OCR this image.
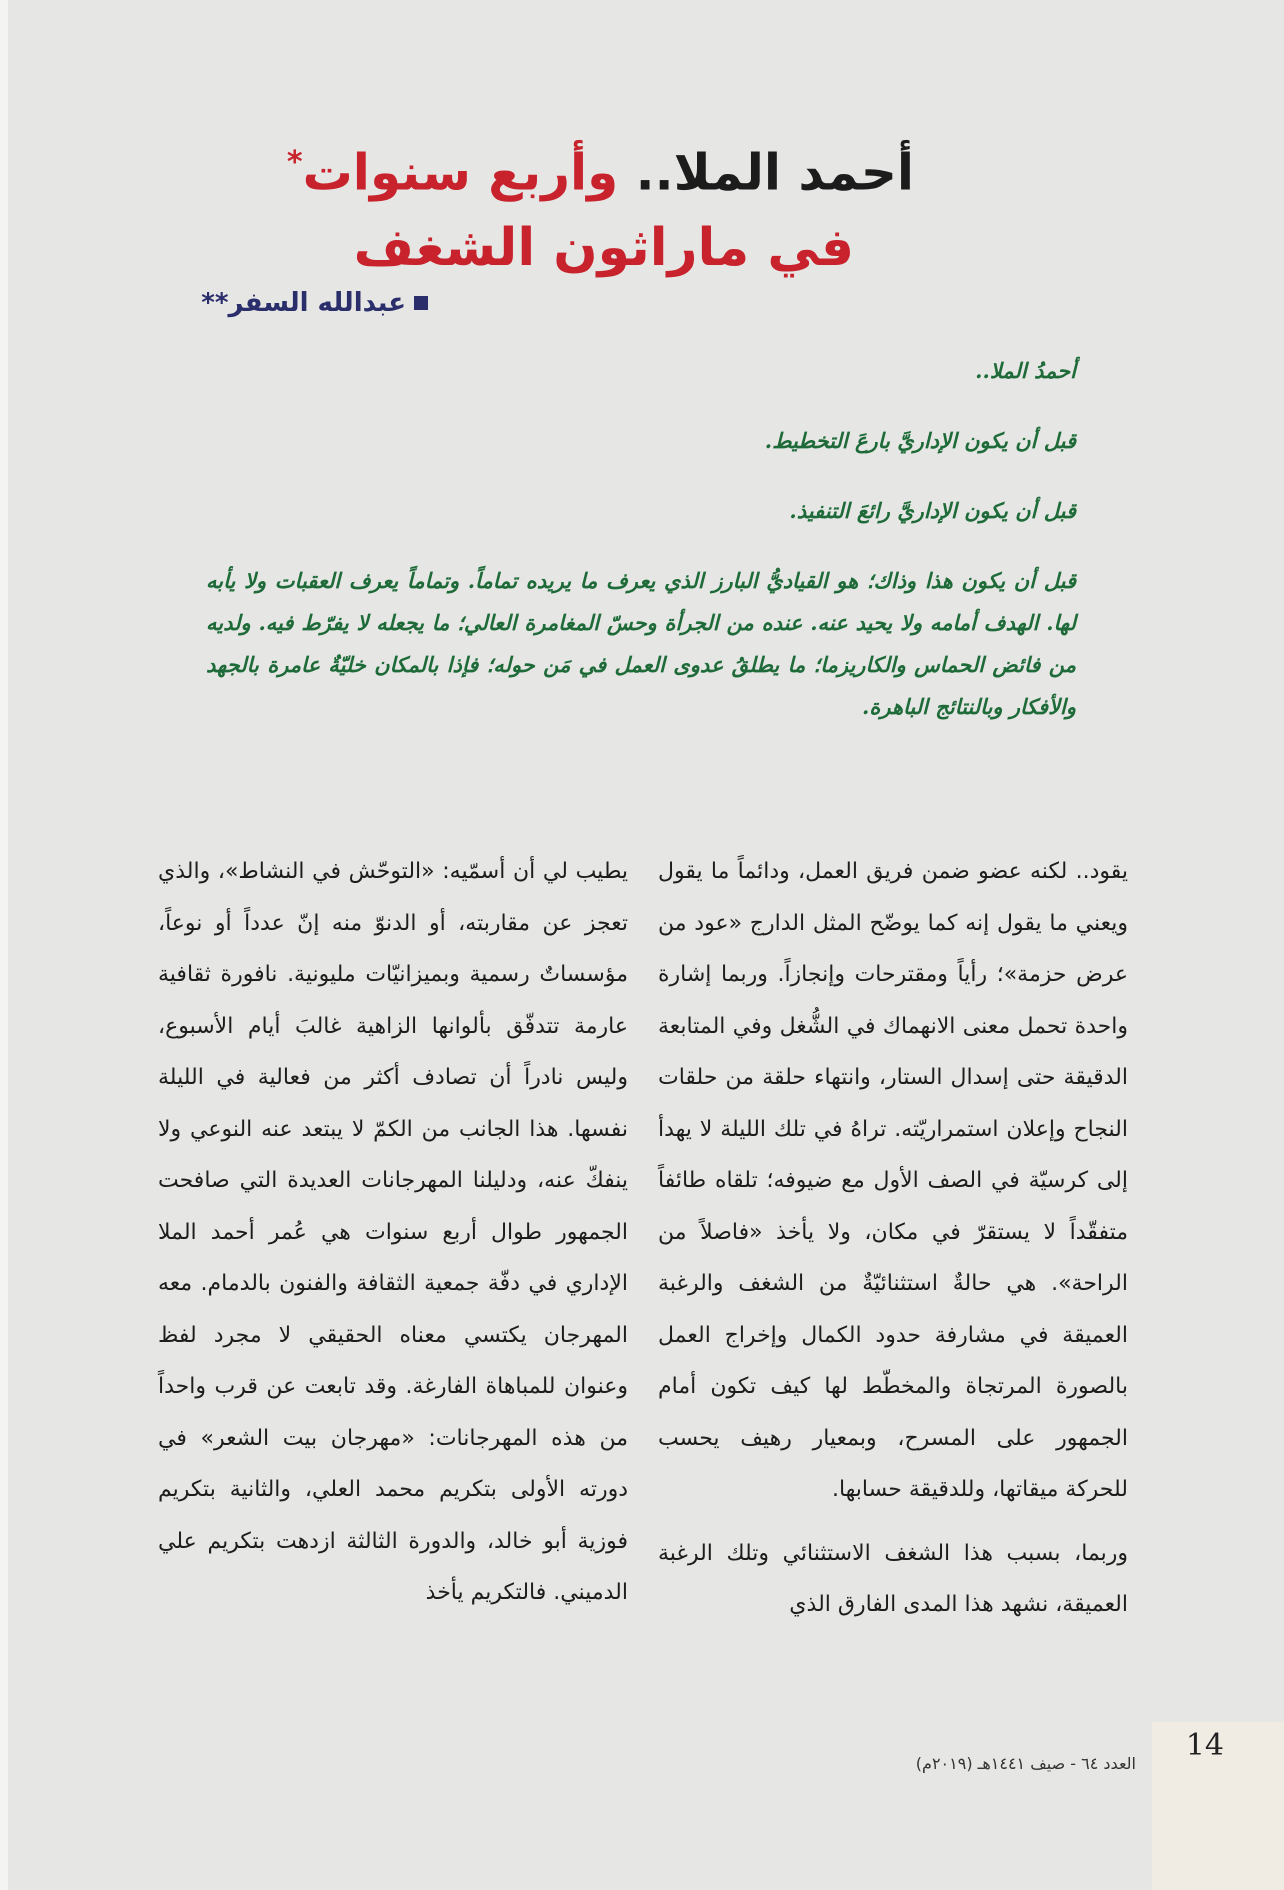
أحمد الملا.. وأربع سنوات*
في ماراثون الشغف
عبدالله السفر**

أحمدُ الملا..

قبل أن يكون الإداريَّ بارعَ التخطيط.

قبل أن يكون الإداريَّ رائعَ التنفيذ.

قبل أن يكون هذا وذاك؛ هو القياديُّ البارز الذي يعرف ما يريده تماماً. وتماماً يعرف العقبات ولا يأبه لها. الهدف أمامه ولا يحيد عنه. عنده من الجرأة وحسّ المغامرة العالي؛ ما يجعله لا يفرّط فيه. ولديه من فائض الحماس والكاريزما؛ ما يطلقُ عدوى العمل في مَن حوله؛ فإذا بالمكان خليّةٌ عامرة بالجهد والأفكار وبالنتائج الباهرة.

يقود.. لكنه عضو ضمن فريق العمل، ودائماً ما يقول ويعني ما يقول إنه كما يوضّح المثل الدارج «عود من عرض حزمة»؛ رأياً ومقترحات وإنجازاً. وربما إشارة واحدة تحمل معنى الانهماك في الشُّغل وفي المتابعة الدقيقة حتى إسدال الستار، وانتهاء حلقة من حلقات النجاح وإعلان استمراريّته. تراهُ في تلك الليلة لا يهدأ إلى كرسيّة في الصف الأول مع ضيوفه؛ تلقاه طائفاً متفقّداً لا يستقرّ في مكان، ولا يأخذ «فاصلاً من الراحة». هي حالةٌ استثنائيّةٌ من الشغف والرغبة العميقة في مشارفة حدود الكمال وإخراج العمل بالصورة المرتجاة والمخطّط لها كيف تكون أمام الجمهور على المسرح، وبمعيار رهيف يحسب للحركة ميقاتها، وللدقيقة حسابها.

وربما، بسبب هذا الشغف الاستثنائي وتلك الرغبة العميقة، نشهد هذا المدى الفارق الذي

يطيب لي أن أسمّيه: «التوحّش في النشاط»، والذي تعجز عن مقاربته، أو الدنوّ منه إنّ عدداً أو نوعاً، مؤسساتٌ رسمية وبميزانيّات مليونية. نافورة ثقافية عارمة تتدفّق بألوانها الزاهية غالبَ أيام الأسبوع، وليس نادراً أن تصادف أكثر من فعالية في الليلة نفسها. هذا الجانب من الكمّ لا يبتعد عنه النوعي ولا ينفكّ عنه، ودليلنا المهرجانات العديدة التي صافحت الجمهور طوال أربع سنوات هي عُمر أحمد الملا الإداري في دفّة جمعية الثقافة والفنون بالدمام. معه المهرجان يكتسي معناه الحقيقي لا مجرد لفظ وعنوان للمباهاة الفارغة. وقد تابعت عن قرب واحداً من هذه المهرجانات: «مهرجان بيت الشعر» في دورته الأولى بتكريم محمد العلي، والثانية بتكريم فوزية أبو خالد، والدورة الثالثة ازدهت بتكريم علي الدميني. فالتكريم يأخذ

14
العدد ٦٤ - صيف ١٤٤١هـ (٢٠١٩م)
